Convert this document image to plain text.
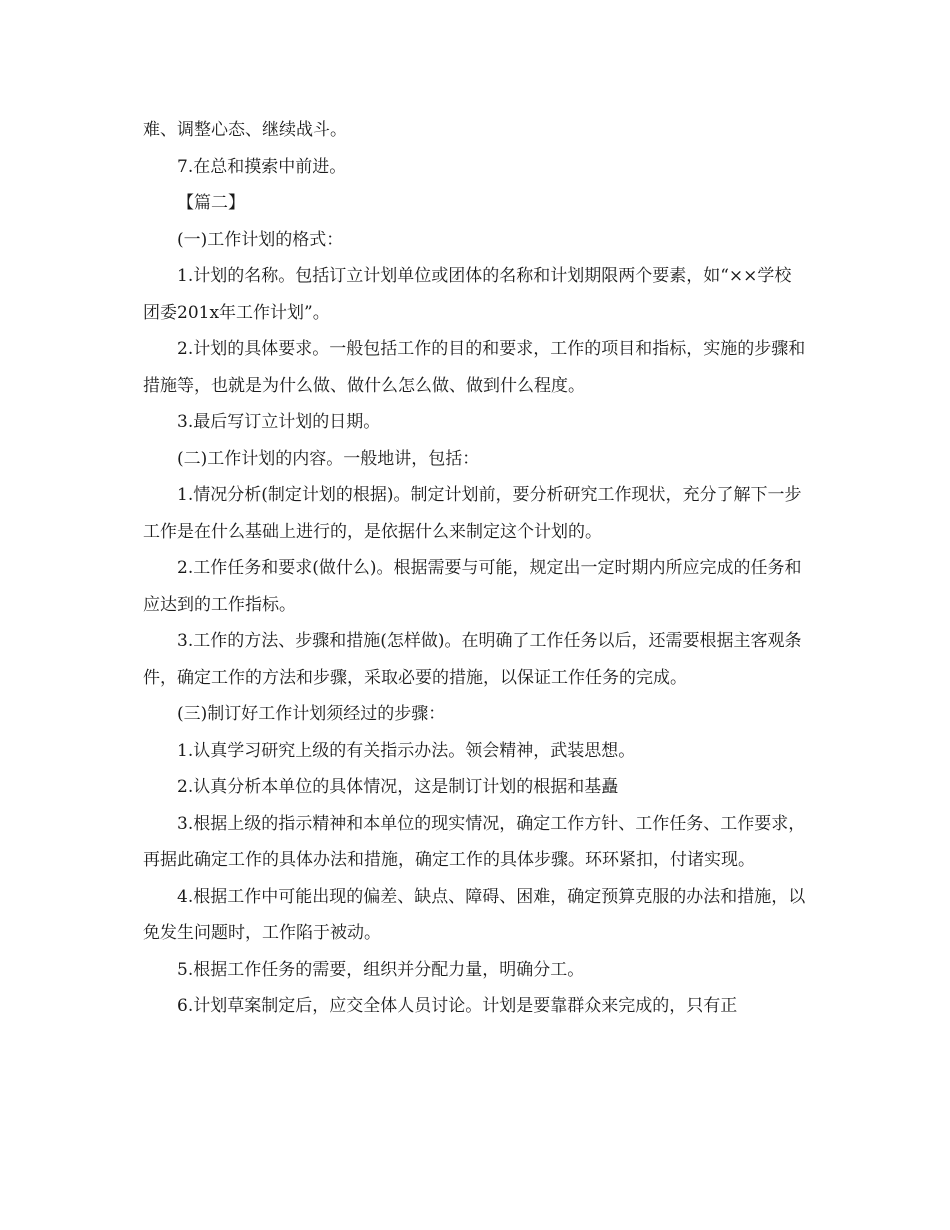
难、调整心态、继续战斗。

7.在总和摸索中前进。

【篇二】

(一)工作计划的格式：

1.计划的名称。包括订立计划单位或团体的名称和计划期限两个要素，如“××学校团委201x年工作计划”。

2.计划的具体要求。一般包括工作的目的和要求，工作的项目和指标，实施的步骤和措施等，也就是为什么做、做什么怎么做、做到什么程度。

3.最后写订立计划的日期。

(二)工作计划的内容。一般地讲，包括：

1.情况分析(制定计划的根据)。制定计划前，要分析研究工作现状，充分了解下一步工作是在什么基础上进行的，是依据什么来制定这个计划的。

2.工作任务和要求(做什么)。根据需要与可能，规定出一定时期内所应完成的任务和应达到的工作指标。

3.工作的方法、步骤和措施(怎样做)。在明确了工作任务以后，还需要根据主客观条件，确定工作的方法和步骤，采取必要的措施，以保证工作任务的完成。

(三)制订好工作计划须经过的步骤：

1.认真学习研究上级的有关指示办法。领会精神，武装思想。

2.认真分析本单位的具体情况，这是制订计划的根据和基矗

3.根据上级的指示精神和本单位的现实情况，确定工作方针、工作任务、工作要求，再据此确定工作的具体办法和措施，确定工作的具体步骤。环环紧扣，付诸实现。

4.根据工作中可能出现的偏差、缺点、障碍、困难，确定预算克服的办法和措施，以免发生问题时，工作陷于被动。

5.根据工作任务的需要，组织并分配力量，明确分工。

6.计划草案制定后，应交全体人员讨论。计划是要靠群众来完成的，只有正
